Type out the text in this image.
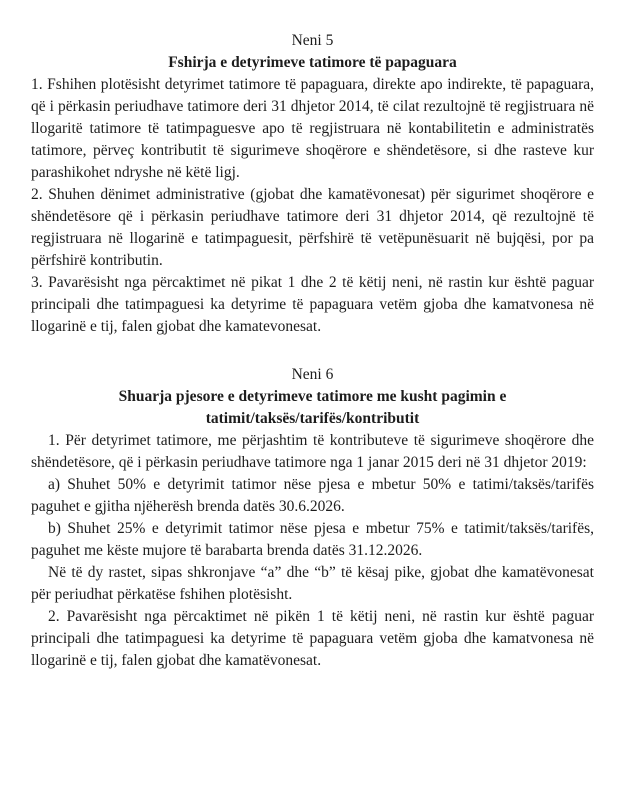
Neni 5
Fshirja e detyrimeve tatimore të papaguara

1. Fshihen plotësisht detyrimet tatimore të papaguara, direkte apo indirekte, të papaguara, që i përkasin periudhave tatimore deri 31 dhjetor 2014, të cilat rezultojnë të regjistruara në llogaritë tatimore të tatimpaguesve apo të regjistruara në kontabilitetin e administratës tatimore, përveç kontributit të sigurimeve shoqërore e shëndetësore, si dhe rasteve kur parashikohet ndryshe në këtë ligj.

2. Shuhen dënimet administrative (gjobat dhe kamatëvonesat) për sigurimet shoqërore e shëndetësore që i përkasin periudhave tatimore deri 31 dhjetor 2014, që rezultojnë të regjistruara në llogarinë e tatimpaguesit, përfshirë të vetëpunësuarit në bujqësi, por pa përfshirë kontributin.

3. Pavarësisht nga përcaktimet në pikat 1 dhe 2 të këtij neni, në rastin kur është paguar principali dhe tatimpaguesi ka detyrime të papaguara vetëm gjoba dhe kamatvonesa në llogarinë e tij, falen gjobat dhe kamatevonesat.

Neni 6
Shuarja pjesore e detyrimeve tatimore me kusht pagimin e
tatimit/taksës/tarifës/kontributit

1. Për detyrimet tatimore, me përjashtim të kontributeve të sigurimeve shoqërore dhe shëndetësore, që i përkasin periudhave tatimore nga 1 janar 2015 deri në 31 dhjetor 2019:

a) Shuhet 50% e detyrimit tatimor nëse pjesa e mbetur 50% e tatimi/taksës/tarifës paguhet e gjitha njëherësh brenda datës 30.6.2026.

b) Shuhet 25% e detyrimit tatimor nëse pjesa e mbetur 75% e tatimit/taksës/tarifës, paguhet me këste mujore të barabarta brenda datës 31.12.2026.

Në të dy rastet, sipas shkronjave “a” dhe “b” të kësaj pike, gjobat dhe kamatëvonesat për periudhat përkatëse fshihen plotësisht.

2. Pavarësisht nga përcaktimet në pikën 1 të këtij neni, në rastin kur është paguar principali dhe tatimpaguesi ka detyrime të papaguara vetëm gjoba dhe kamatvonesa në llogarinë e tij, falen gjobat dhe kamatëvonesat.
